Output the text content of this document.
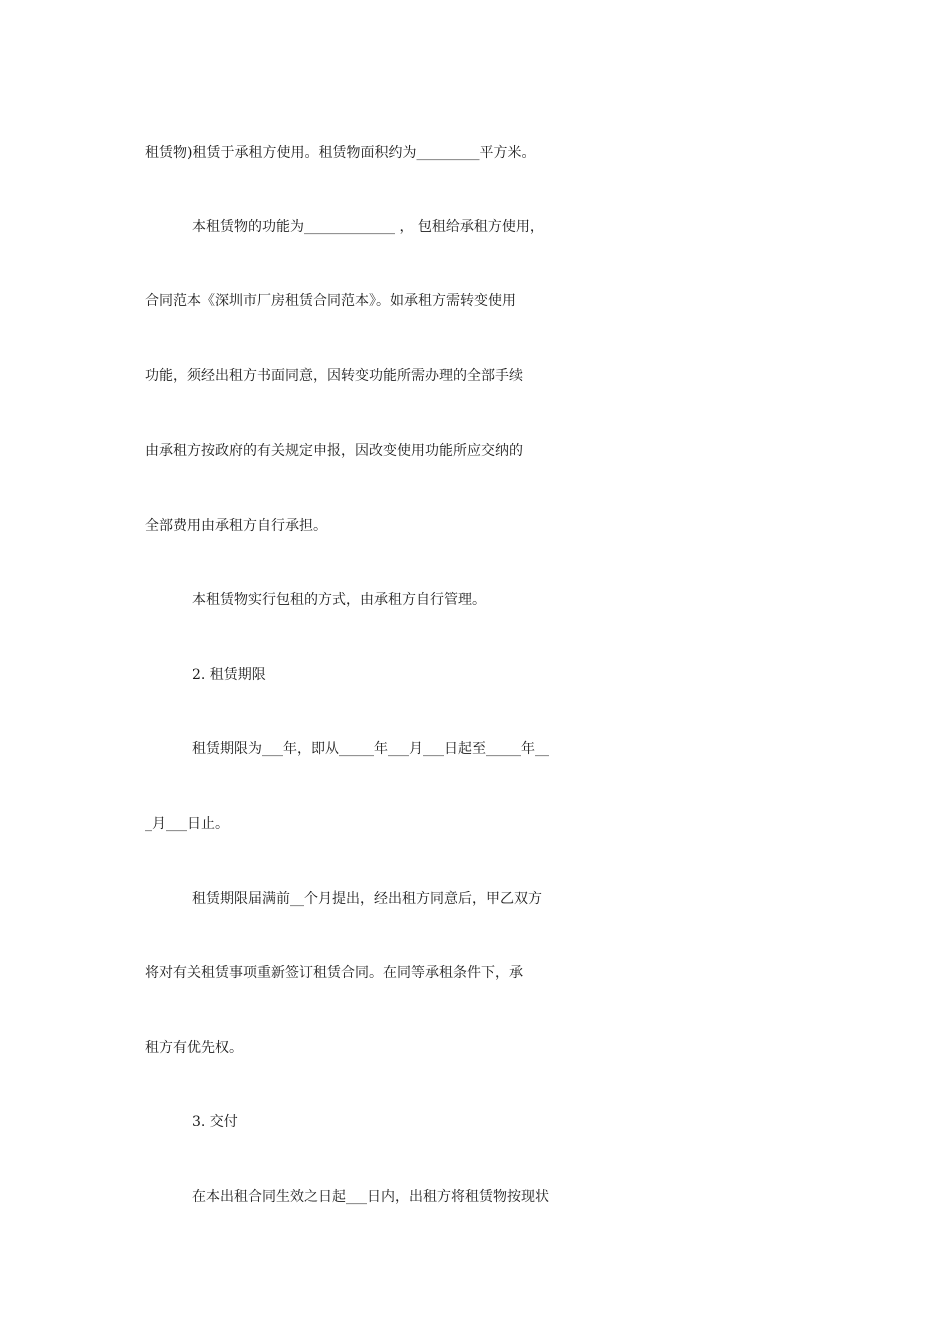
租赁物)租赁于承租方使用。租赁物面积约为_________平方米。
本租赁物的功能为_____________ ， 包租给承租方使用，
合同范本《深圳市厂房租赁合同范本》。如承租方需转变使用
功能，须经出租方书面同意，因转变功能所需办理的全部手续
由承租方按政府的有关规定申报，因改变使用功能所应交纳的
全部费用由承租方自行承担。
本租赁物实行包租的方式，由承租方自行管理。
2. 租赁期限
租赁期限为___年，即从_____年___月___日起至_____年__
_月___日止。
租赁期限届满前__个月提出，经出租方同意后，甲乙双方
将对有关租赁事项重新签订租赁合同。在同等承租条件下，承
租方有优先权。
3. 交付
在本出租合同生效之日起___日内，出租方将租赁物按现状
